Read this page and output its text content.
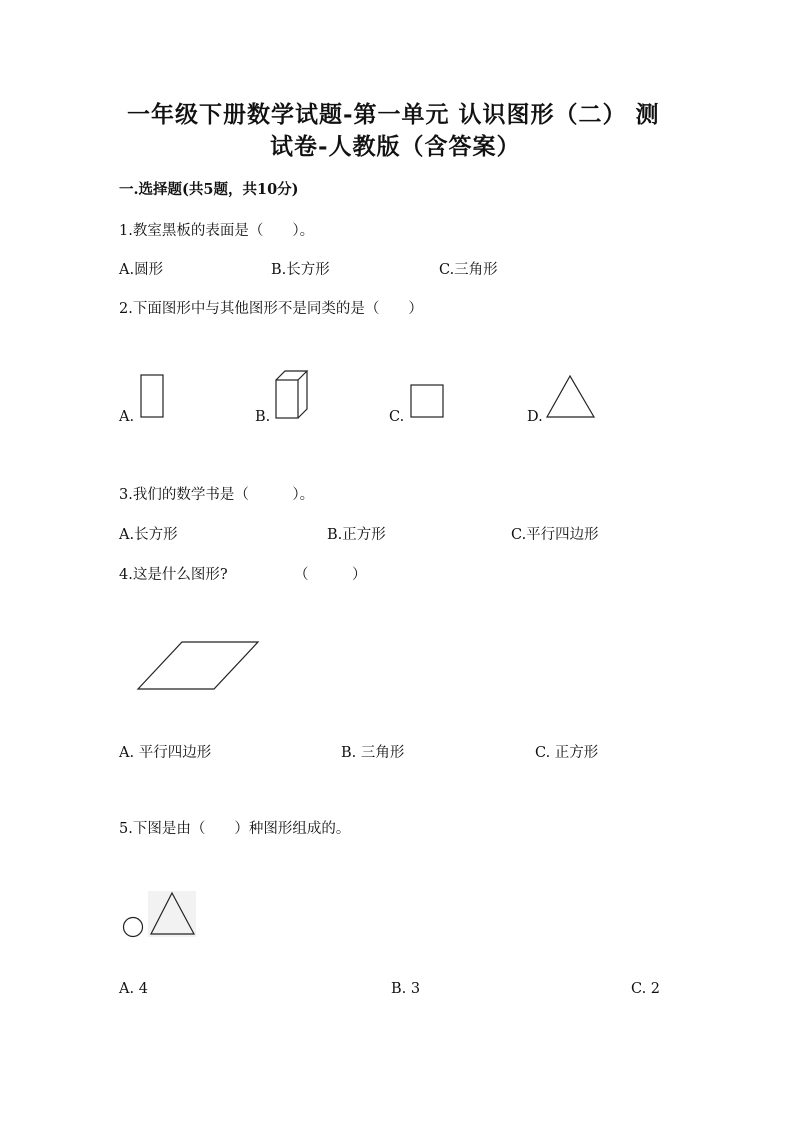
一年级下册数学试题-第一单元 认识图形（二） 测
试卷-人教版（含答案）
一.选择题(共5题，共10分)
1.教室黑板的表面是（　　）。
A.圆形	B.长方形	C.三角形
2.下面图形中与其他图形不是同类的是（　　）
A.	B.	C.	D.
3.我们的数学书是（　　　）。
A.长方形	B.正方形	C.平行四边形
4.这是什么图形?	（　　　）
A. 平行四边形	B. 三角形	C. 正方形
5.下图是由（　　）种图形组成的。
A. 4	B. 3	C. 2
